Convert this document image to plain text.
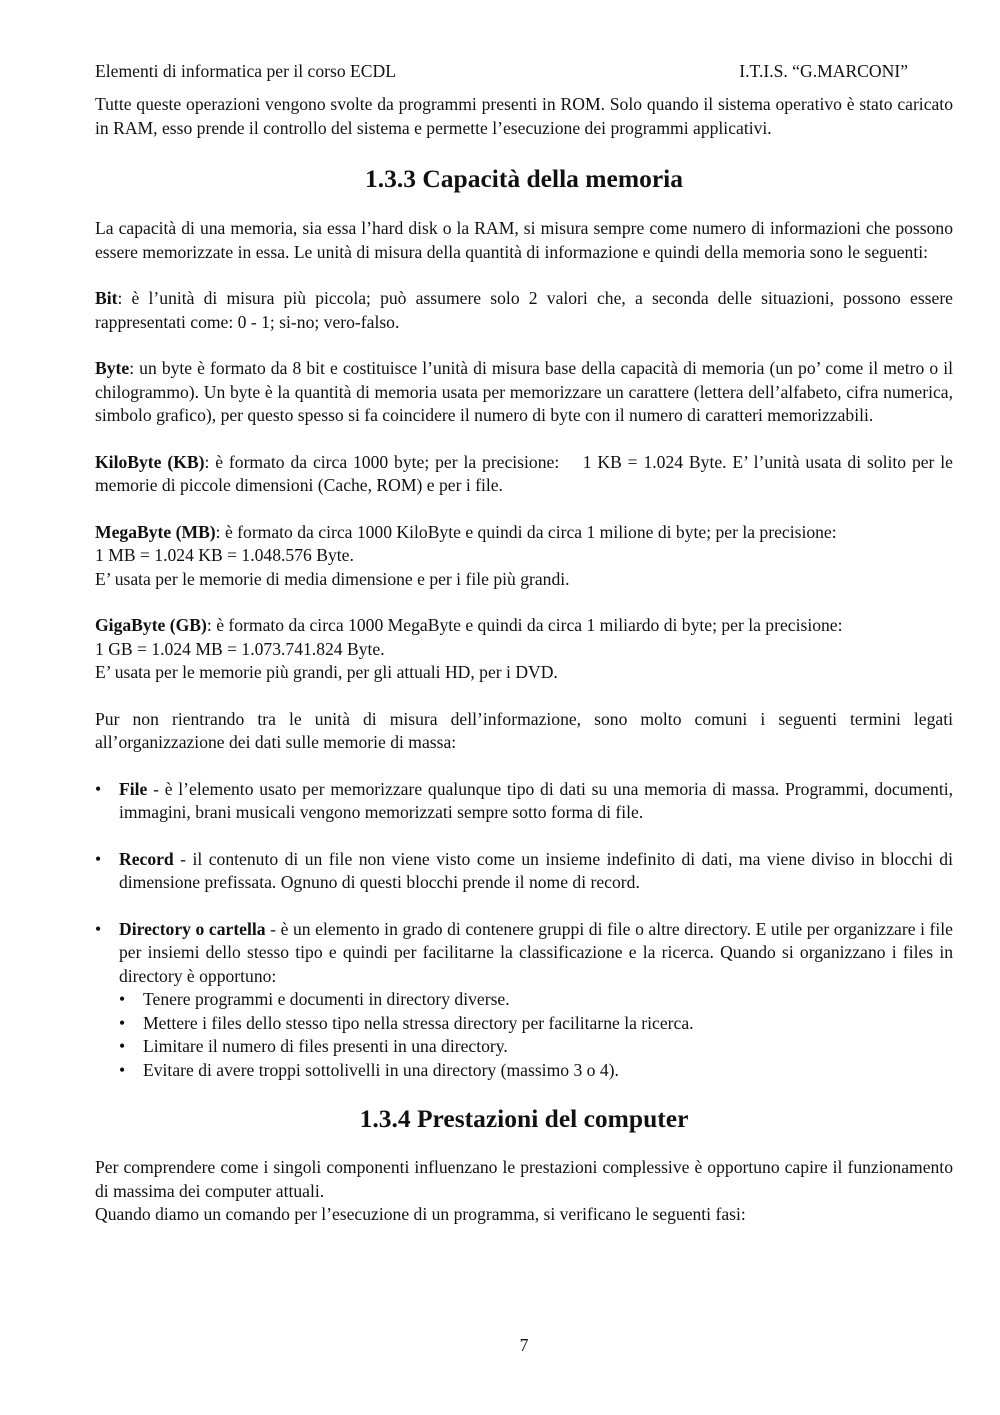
Elementi di informatica per il corso ECDL	I.T.I.S. “G.MARCONI”

Tutte queste operazioni vengono svolte da programmi presenti in ROM. Solo quando il sistema operativo è stato caricato in RAM, esso prende il controllo del sistema e permette l’esecuzione dei programmi applicativi.

1.3.3 Capacità della memoria

La capacità di una memoria, sia essa l’hard disk o la RAM, si misura sempre come numero di informazioni che possono essere memorizzate in essa. Le unità di misura della quantità di informazione e quindi della memoria sono le seguenti:

Bit: è l’unità di misura più piccola; può assumere solo 2 valori che, a seconda delle situazioni, possono essere rappresentati come: 0 - 1; si-no; vero-falso.

Byte: un byte è formato da 8 bit e costituisce l’unità di misura base della capacità di memoria (un po’ come il metro o il chilogrammo). Un byte è la quantità di memoria usata per memorizzare un carattere (lettera dell’alfabeto, cifra numerica, simbolo grafico), per questo spesso si fa coincidere il numero di byte con il numero di caratteri memorizzabili.

KiloByte (KB): è formato da circa 1000 byte; per la precisione:    1 KB = 1.024 Byte. E’ l’unità usata di solito per le memorie di piccole dimensioni (Cache, ROM) e per i file.

MegaByte (MB): è formato da circa 1000 KiloByte e quindi da circa 1 milione di byte; per la precisione:
1 MB = 1.024 KB = 1.048.576 Byte.
E’ usata per le memorie di media dimensione e per i file più grandi.
GigaByte (GB): è formato da circa 1000 MegaByte e quindi da circa 1 miliardo di byte; per la precisione:
1 GB = 1.024 MB = 1.073.741.824 Byte.
E’ usata per le memorie più grandi, per gli attuali HD, per i DVD.

Pur non rientrando tra le unità di misura dell’informazione, sono molto comuni i seguenti termini legati all’organizzazione dei dati sulle memorie di massa:

•	File - è l’elemento usato per memorizzare qualunque tipo di dati su una memoria di massa. Programmi, documenti, immagini, brani musicali vengono memorizzati sempre sotto forma di file.

•	Record - il contenuto di un file non viene visto come un insieme indefinito di dati, ma viene diviso in blocchi di dimensione prefissata. Ognuno di questi blocchi prende il nome di record.

•	Directory o cartella - è un elemento in grado di contenere gruppi di file o altre directory. E utile per organizzare i file per insiemi dello stesso tipo e quindi per facilitarne la classificazione e la ricerca. Quando si organizzano i files in directory è opportuno:

•	Tenere programmi e documenti in directory diverse.
•	Mettere i files dello stesso tipo nella stressa directory per facilitarne la ricerca.
•	Limitare il numero di files presenti in una directory.
•	Evitare di avere troppi sottolivelli in una directory (massimo 3 o 4).
1.3.4 Prestazioni del computer

Per comprendere come i singoli componenti influenzano le prestazioni complessive è opportuno capire il funzionamento di massima dei computer attuali.

Quando diamo un comando per l’esecuzione di un programma, si verificano le seguenti fasi:

7
